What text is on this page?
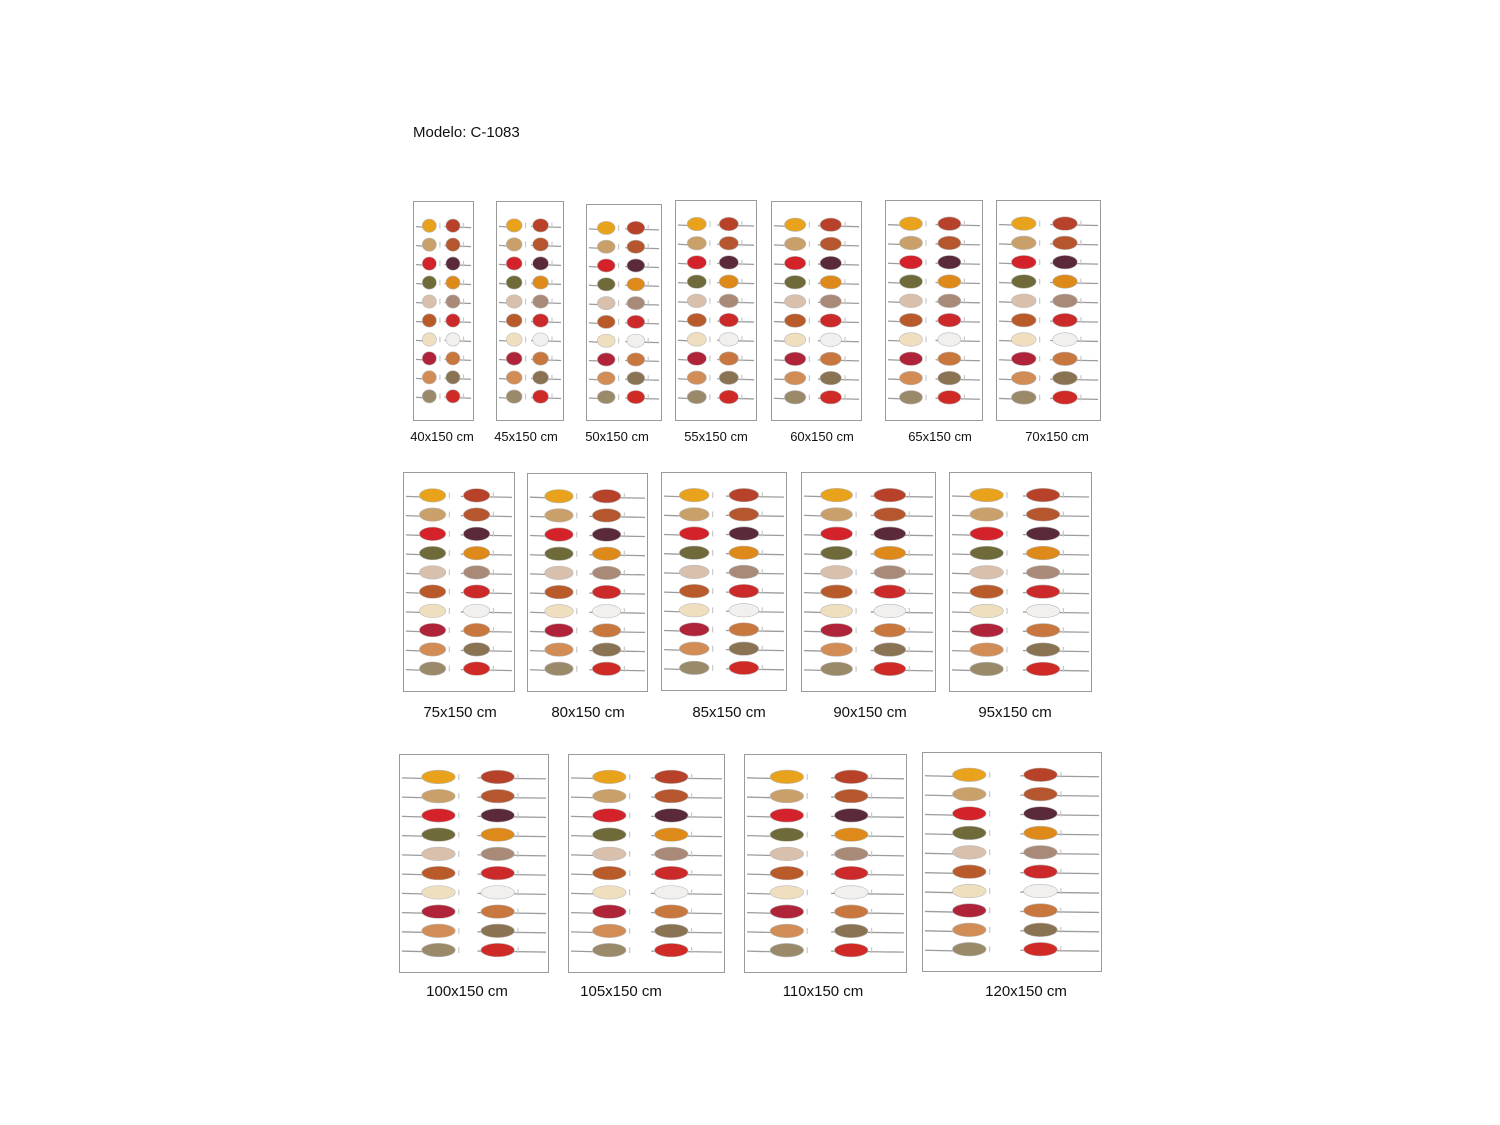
Modelo: C-1083
40x150 cm 45x150 cm 50x150 cm	55x150 cm	60x150 cm	65x150 cm	70x150 cm
75x150 cm	80x150 cm	85x150 cm	90x150 cm	95x150 cm
100x150 cm	105x150 cm	110x150 cm	120x150 cm
